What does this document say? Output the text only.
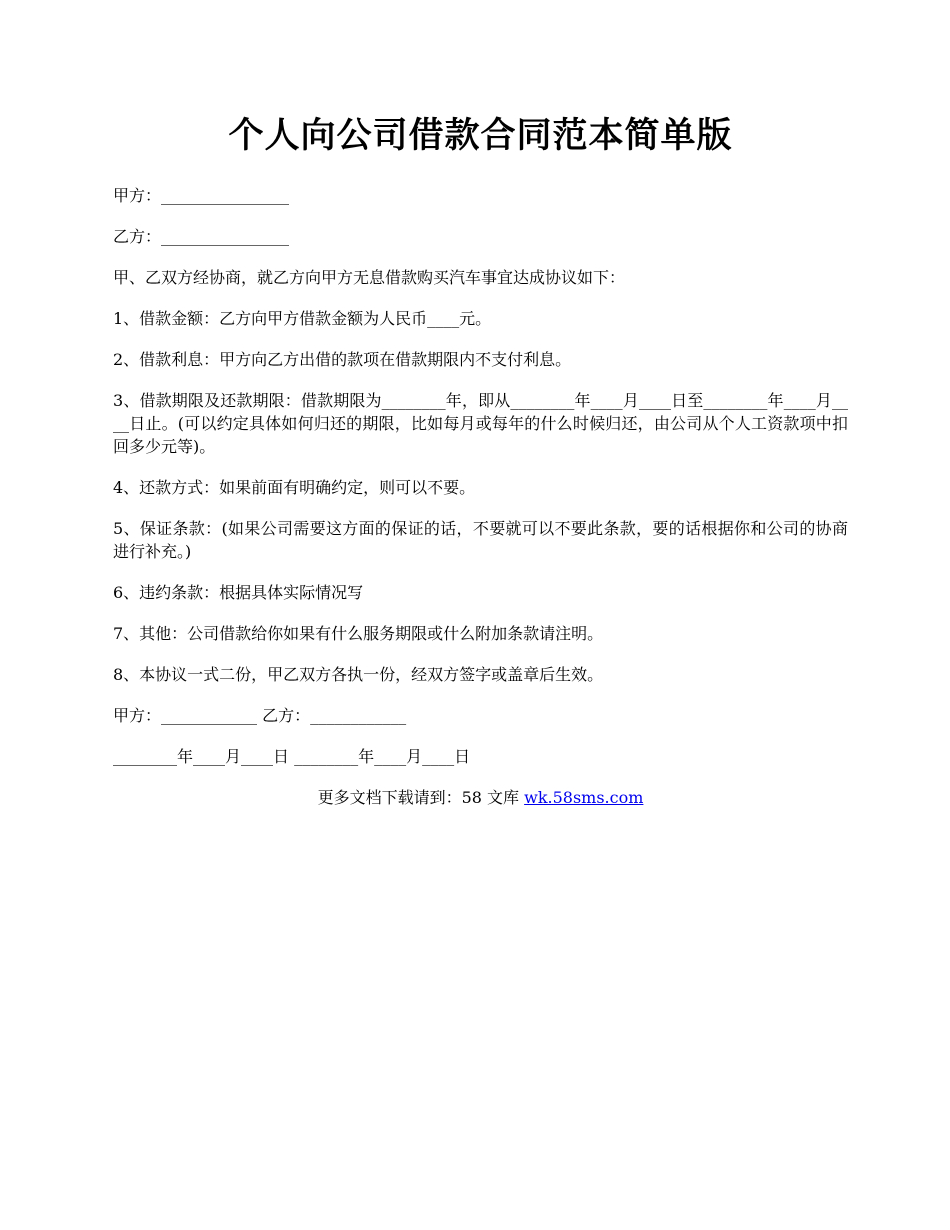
个人向公司借款合同范本简单版

甲方：________________

乙方：________________

甲、乙双方经协商，就乙方向甲方无息借款购买汽车事宜达成协议如下：

1、借款金额：乙方向甲方借款金额为人民币____元。

2、借款利息：甲方向乙方出借的款项在借款期限内不支付利息。

3、借款期限及还款期限：借款期限为________年，即从________年____月____日至________年____月____日止。(可以约定具体如何归还的期限，比如每月或每年的什么时候归还，由公司从个人工资款项中扣回多少元等)。

4、还款方式：如果前面有明确约定，则可以不要。

5、保证条款：(如果公司需要这方面的保证的话，不要就可以不要此条款，要的话根据你和公司的协商进行补充。)

6、违约条款：根据具体实际情况写

7、其他：公司借款给你如果有什么服务期限或什么附加条款请注明。

8、本协议一式二份，甲乙双方各执一份，经双方签字或盖章后生效。

甲方：____________ 乙方：____________

________年____月____日 ________年____月____日

更多文档下载请到：58 文库 wk.58sms.com
